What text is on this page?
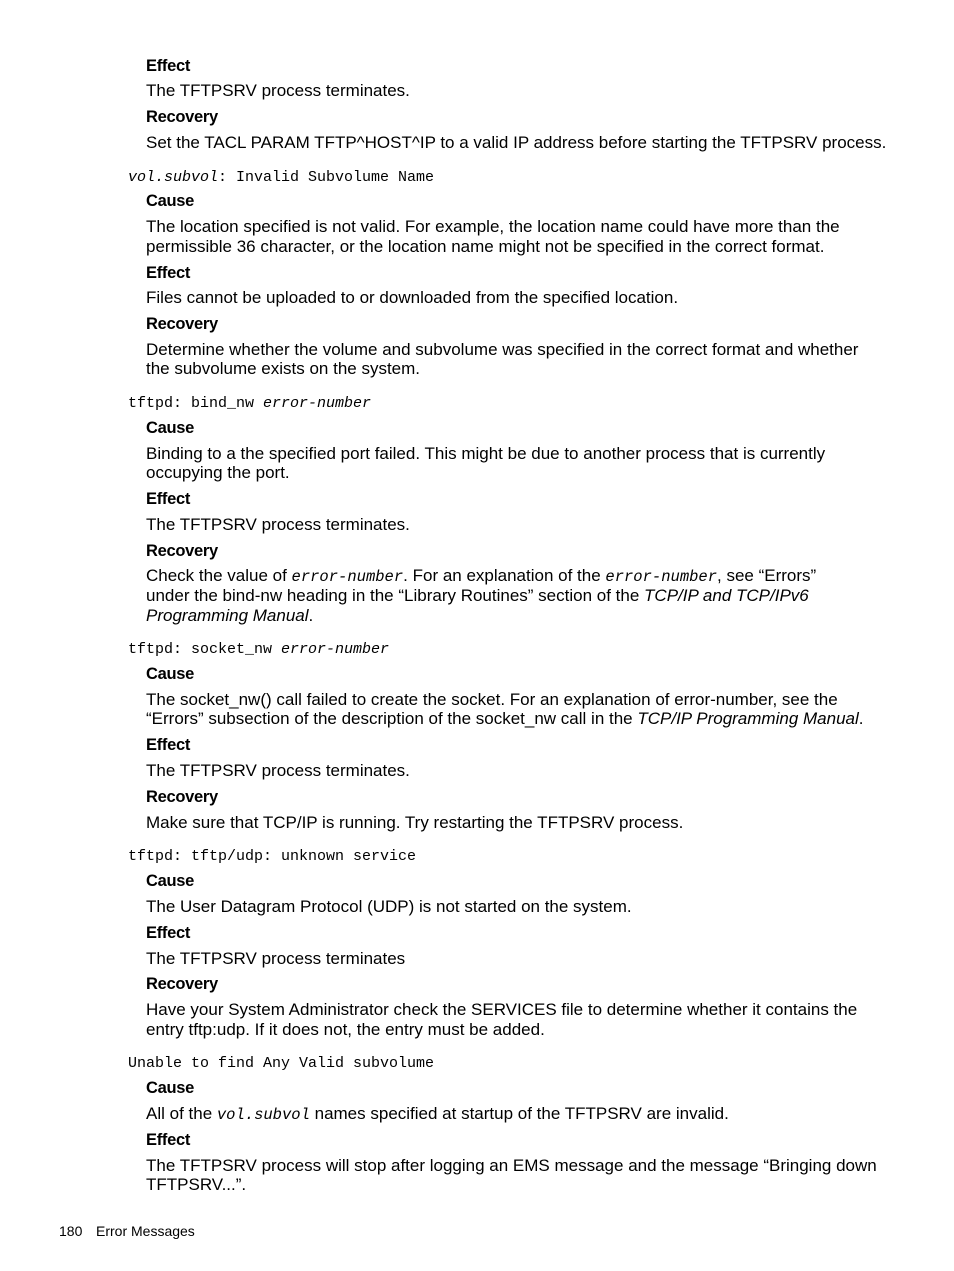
Effect
The TFTPSRV process terminates.
Recovery
Set the TACL PARAM TFTP^HOST^IP to a valid IP address before starting the TFTPSRV process.
vol.subvol: Invalid Subvolume Name
Cause
The location specified is not valid. For example, the location name could have more than the
permissible 36 character, or the location name might not be specified in the correct format.
Effect
Files cannot be uploaded to or downloaded from the specified location.
Recovery
Determine whether the volume and subvolume was specified in the correct format and whether
the subvolume exists on the system.
tftpd: bind_nw error-number
Cause
Binding to a the specified port failed. This might be due to another process that is currently
occupying the port.
Effect
The TFTPSRV process terminates.
Recovery
Check the value of error-number. For an explanation of the error-number, see “Errors”
under the bind-nw heading in the “Library Routines” section of the TCP/IP and TCP/IPv6
Programming Manual.
tftpd: socket_nw error-number
Cause
The socket_nw() call failed to create the socket. For an explanation of error-number, see the
“Errors” subsection of the description of the socket_nw call in the TCP/IP Programming Manual.
Effect
The TFTPSRV process terminates.
Recovery
Make sure that TCP/IP is running. Try restarting the TFTPSRV process.
tftpd: tftp/udp: unknown service
Cause
The User Datagram Protocol (UDP) is not started on the system.
Effect
The TFTPSRV process terminates
Recovery
Have your System Administrator check the SERVICES file to determine whether it contains the
entry tftp:udp. If it does not, the entry must be added.
Unable to find Any Valid subvolume
Cause
All of the vol.subvol names specified at startup of the TFTPSRV are invalid.
Effect
The TFTPSRV process will stop after logging an EMS message and the message “Bringing down
TFTPSRV...”.
180 Error Messages
